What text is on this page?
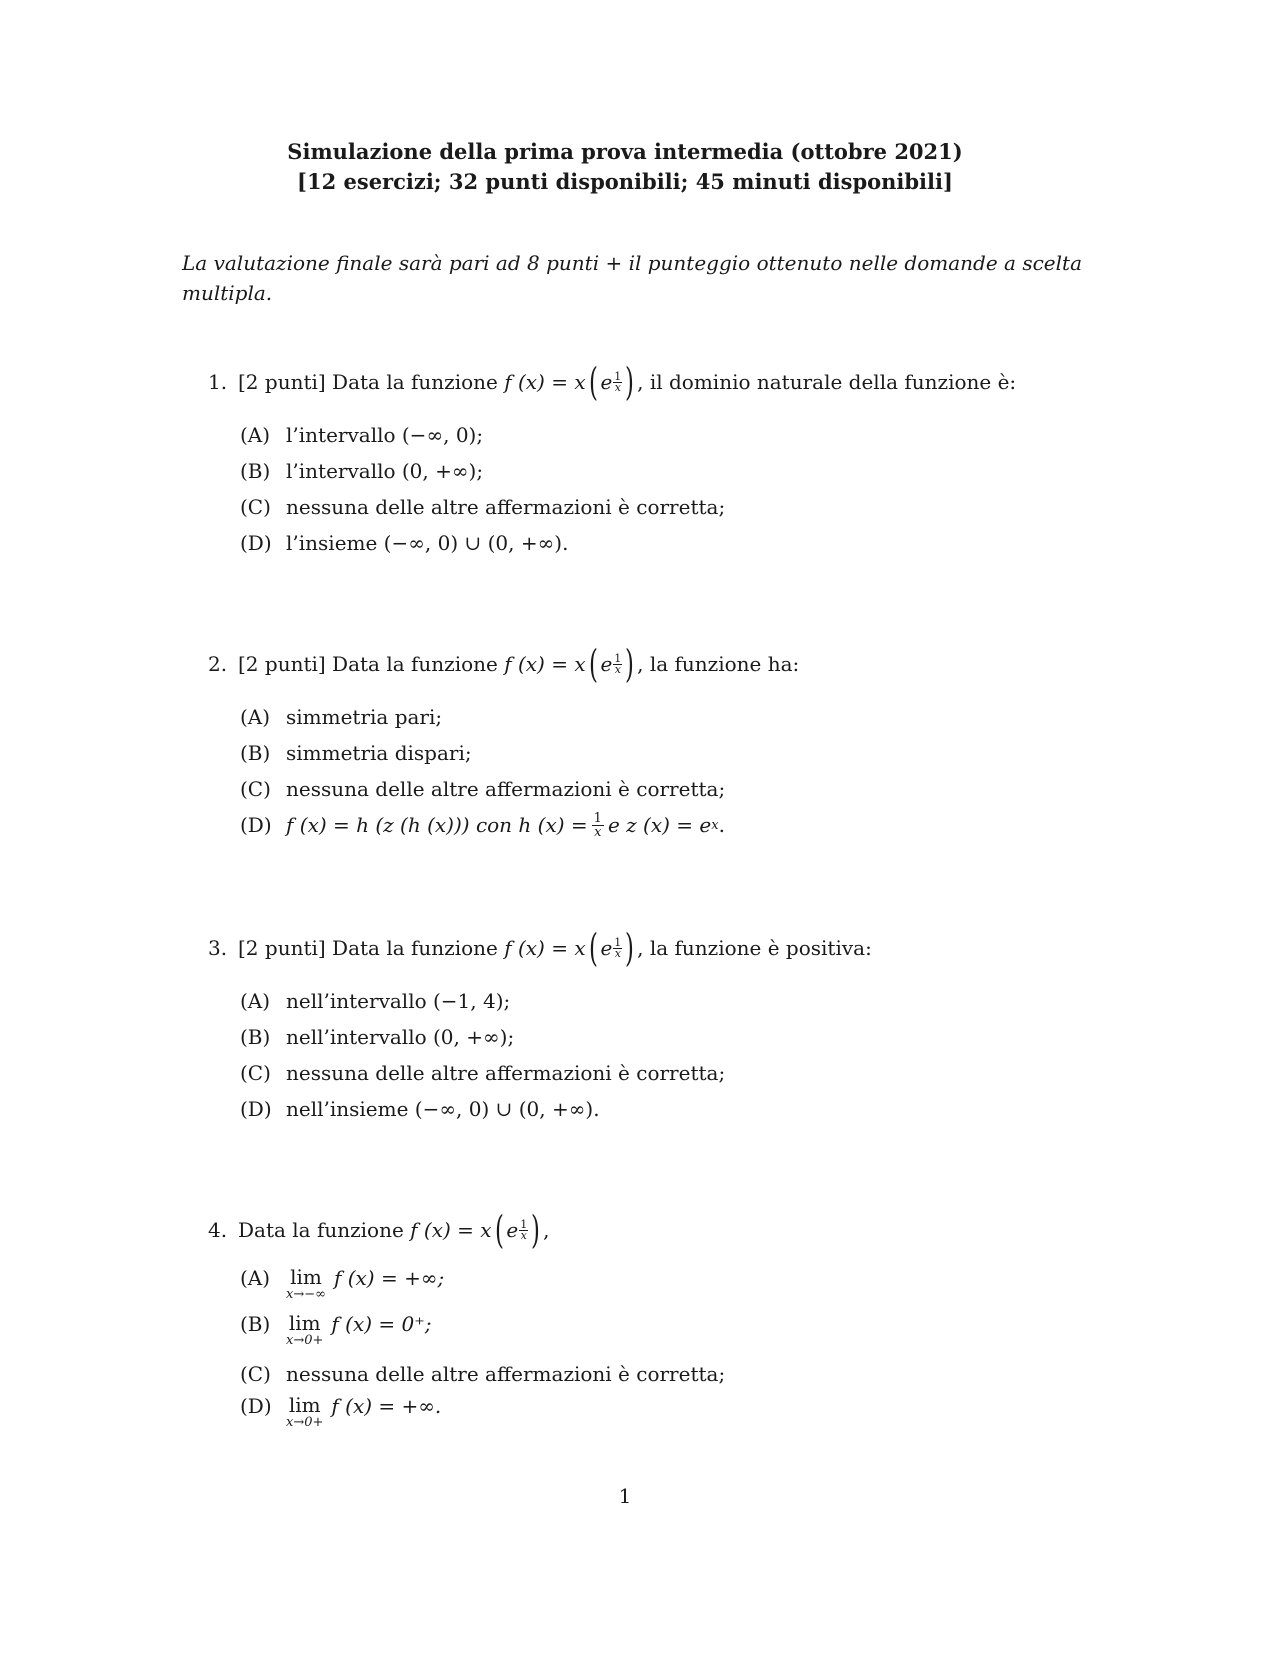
Simulazione della prima prova intermedia (ottobre 2021)
[12 esercizi; 32 punti disponibili; 45 minuti disponibili]
La valutazione finale sarà pari ad 8 punti + il punteggio ottenuto nelle domande a scelta multipla.
1. [2 punti] Data la funzione
f (x) = x ( e $\frac{1}{x}$ ) , il dominio naturale della funzione è:
(A) l’intervallo (−∞, 0);
(B) l’intervallo (0, +∞);
(C) nessuna delle altre affermazioni è corretta;
(D) l’insieme (−∞, 0) ∪ (0, +∞).
2. [2 punti] Data la funzione
f (x) = x ( e $\frac{1}{x}$ ) , la funzione ha:
(A) simmetria pari;
(B) simmetria dispari;
(C) nessuna delle altre affermazioni è corretta;
(D) f (x) = h (z (h (x))) con h $(x) = \frac{1}{x}$ e z (x) = e x .
3. [2 punti] Data la funzione
f (x) = x ( e $\frac{1}{x}$ ) , la funzione è positiva:
(A) nell’intervallo (−1, 4);
(B) nell’intervallo (0, +∞);
(C) nessuna delle altre affermazioni è corretta;
(D) nell’insieme (−∞, 0) ∪ (0, +∞).
4. Data la funzione
f (x) = x ( e $\frac{1}{x}$ ) ,
(A)	lim
x→−∞
f (x) = +∞;
(B) lim
x→0+
f (x) = 0⁺;
(C) nessuna delle altre affermazioni è corretta;
(D) lim
x→0+
f (x) = +∞.
1
